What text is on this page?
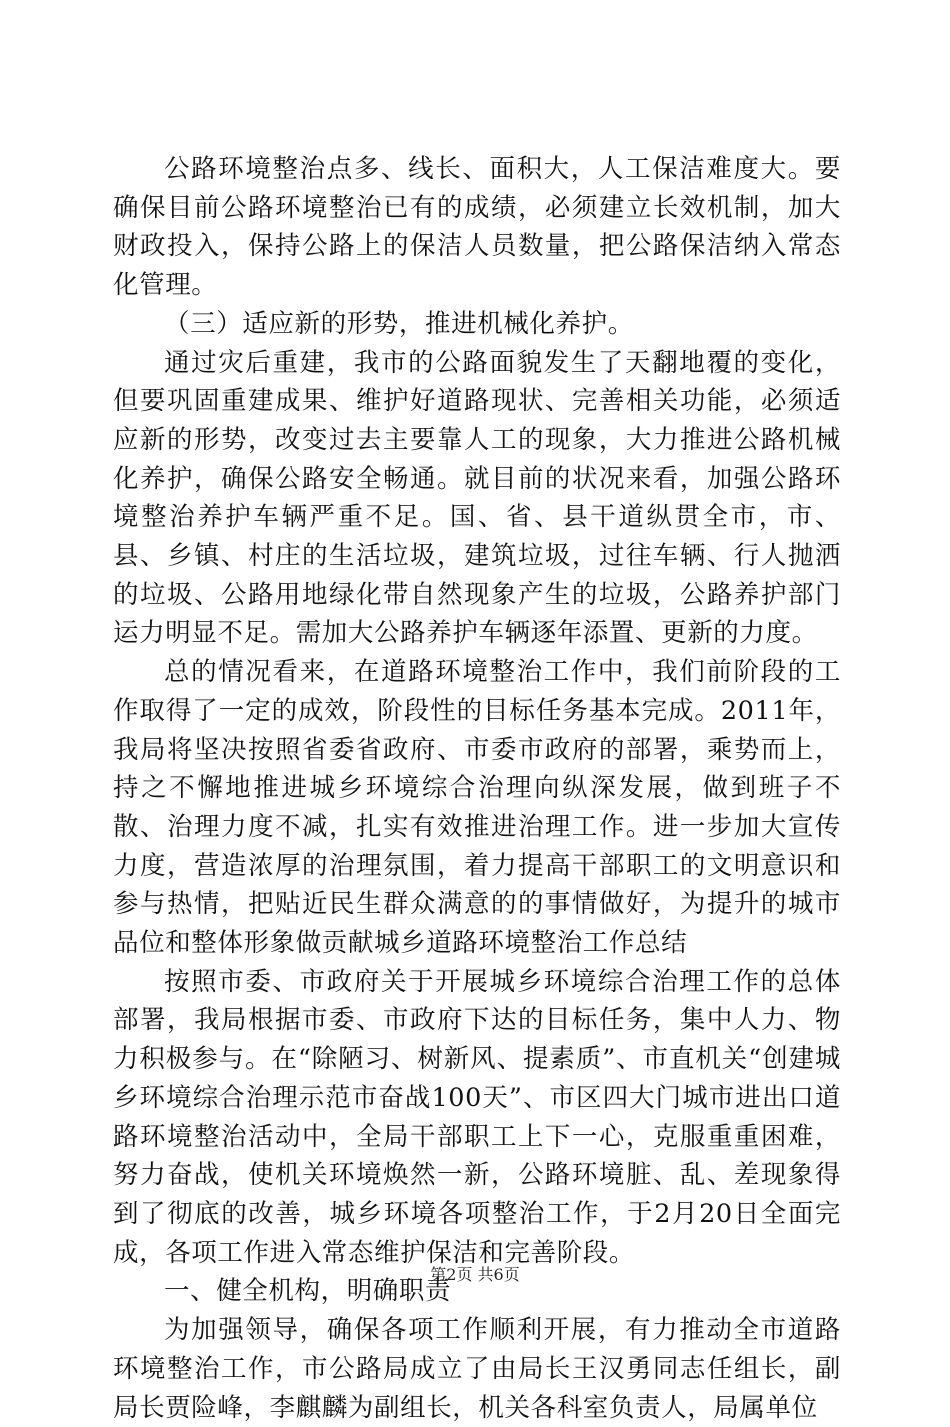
公路环境整治点多、线长、面积大，人工保洁难度大。要确保目前公路环境整治已有的成绩，必须建立长效机制，加大财政投入，保持公路上的保洁人员数量，把公路保洁纳入常态化管理。

（三）适应新的形势，推进机械化养护。

通过灾后重建，我市的公路面貌发生了天翻地覆的变化，但要巩固重建成果、维护好道路现状、完善相关功能，必须适应新的形势，改变过去主要靠人工的现象，大力推进公路机械化养护，确保公路安全畅通。就目前的状况来看，加强公路环境整治养护车辆严重不足。国、省、县干道纵贯全市，市、县、乡镇、村庄的生活垃圾，建筑垃圾，过往车辆、行人抛洒的垃圾、公路用地绿化带自然现象产生的垃圾，公路养护部门运力明显不足。需加大公路养护车辆逐年添置、更新的力度。

总的情况看来，在道路环境整治工作中，我们前阶段的工作取得了一定的成效，阶段性的目标任务基本完成。2011年，我局将坚决按照省委省政府、市委市政府的部署，乘势而上，持之不懈地推进城乡环境综合治理向纵深发展，做到班子不散、治理力度不减，扎实有效推进治理工作。进一步加大宣传力度，营造浓厚的治理氛围，着力提高干部职工的文明意识和参与热情，把贴近民生群众满意的的事情做好，为提升的城市品位和整体形象做贡献城乡道路环境整治工作总结

按照市委、市政府关于开展城乡环境综合治理工作的总体部署，我局根据市委、市政府下达的目标任务，集中人力、物力积极参与。在“除陋习、树新风、提素质”、市直机关“创建城乡环境综合治理示范市奋战100天”、市区四大门城市进出口道路环境整治活动中，全局干部职工上下一心，克服重重困难，努力奋战，使机关环境焕然一新，公路环境脏、乱、差现象得到了彻底的改善，城乡环境各项整治工作，于2月20日全面完成，各项工作进入常态维护保洁和完善阶段。

一、健全机构，明确职责

为加强领导，确保各项工作顺利开展，有力推动全市道路环境整治工作，市公路局成立了由局长王汉勇同志任组长，副局长贾险峰，李麒麟为副组长，机关各科室负责人，局属单位

第2页 共6页
